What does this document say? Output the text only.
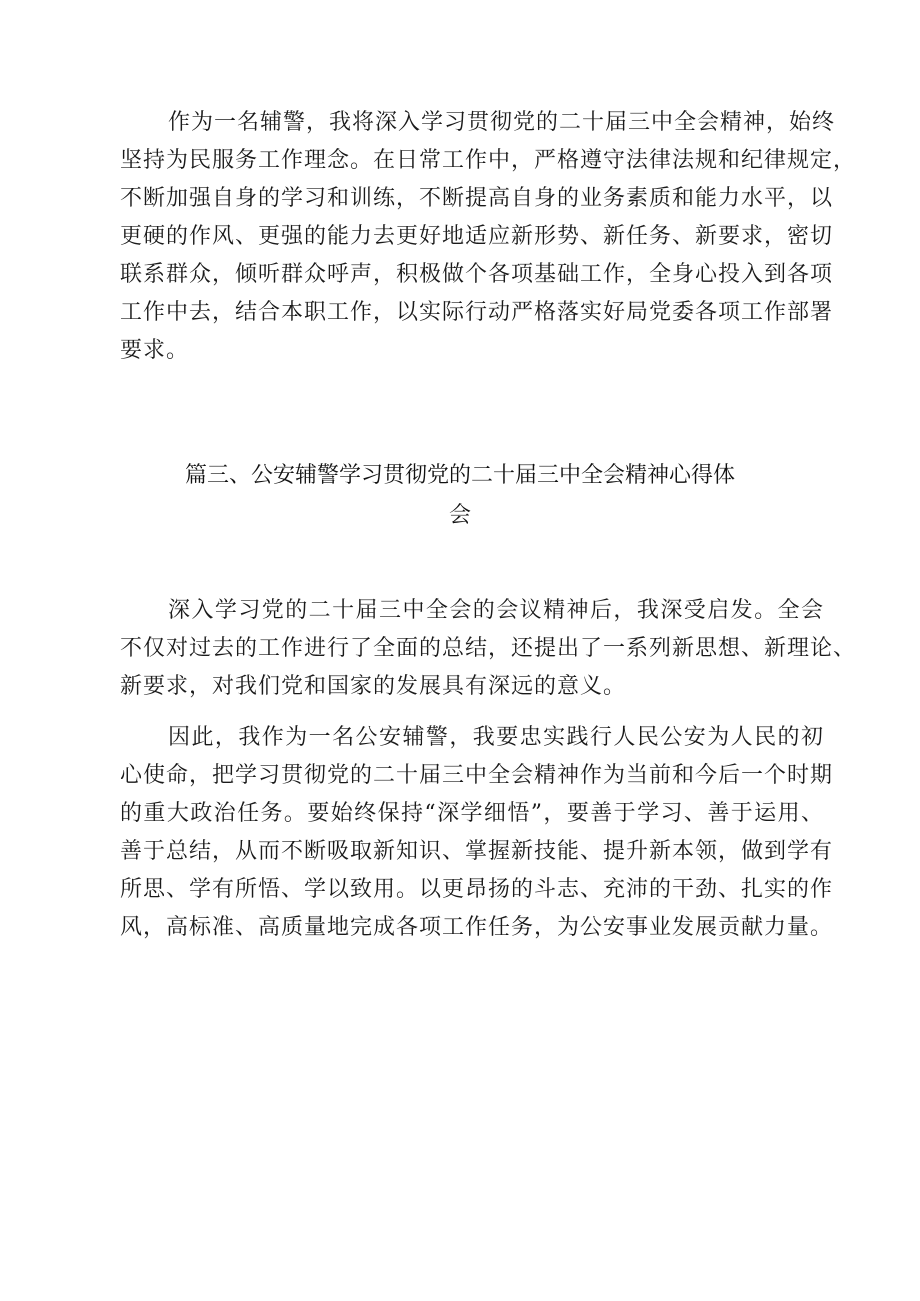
作为一名辅警，我将深入学习贯彻党的二十届三中全会精神，始终
坚持为民服务工作理念。在日常工作中，严格遵守法律法规和纪律规定，
不断加强自身的学习和训练，不断提高自身的业务素质和能力水平，以
更硬的作风、更强的能力去更好地适应新形势、新任务、新要求，密切
联系群众，倾听群众呼声，积极做个各项基础工作，全身心投入到各项
工作中去，结合本职工作，以实际行动严格落实好局党委各项工作部署
要求。
篇三、公安辅警学习贯彻党的二十届三中全会精神心得体
会
深入学习党的二十届三中全会的会议精神后，我深受启发。全会
不仅对过去的工作进行了全面的总结，还提出了一系列新思想、新理论、
新要求，对我们党和国家的发展具有深远的意义。
因此，我作为一名公安辅警，我要忠实践行人民公安为人民的初
心使命，把学习贯彻党的二十届三中全会精神作为当前和今后一个时期
的重大政治任务。要始终保持“深学细悟”，要善于学习、善于运用、
善于总结，从而不断吸取新知识、掌握新技能、提升新本领，做到学有
所思、学有所悟、学以致用。以更昂扬的斗志、充沛的干劲、扎实的作
风，高标准、高质量地完成各项工作任务，为公安事业发展贡献力量。
